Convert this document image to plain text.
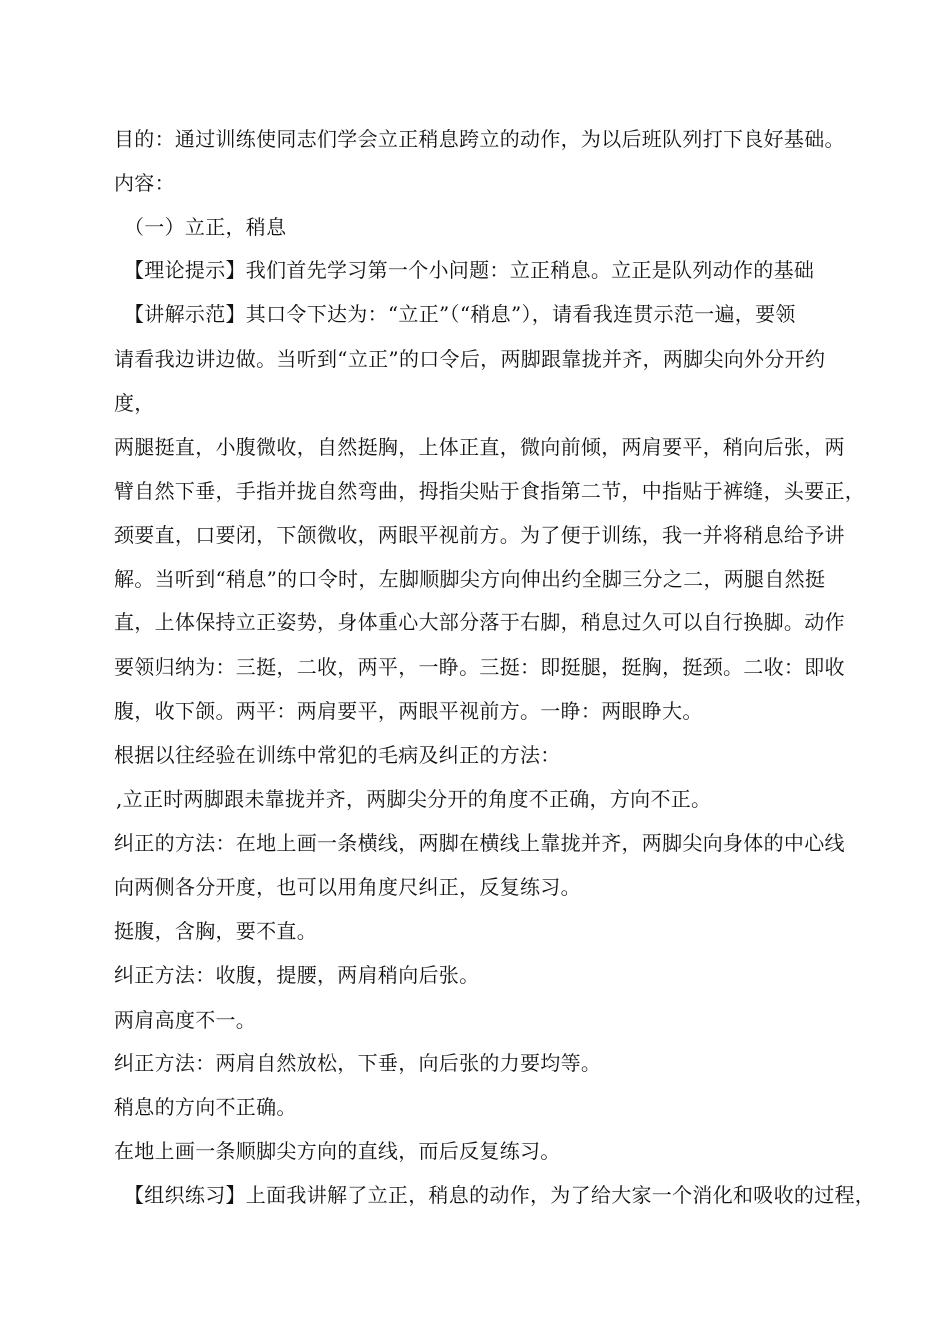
目的：通过训练使同志们学会立正稍息跨立的动作，为以后班队列打下良好基础。
内容：
（一）立正，稍息
【理论提示】我们首先学习第一个小问题：立正稍息。立正是队列动作的基础
【讲解示范】其口令下达为：“立正”（“稍息”），请看我连贯示范一遍，要领
请看我边讲边做。当听到“立正”的口令后，两脚跟靠拢并齐，两脚尖向外分开约
度，
两腿挺直，小腹微收，自然挺胸，上体正直，微向前倾，两肩要平，稍向后张，两
臂自然下垂，手指并拢自然弯曲，拇指尖贴于食指第二节，中指贴于裤缝，头要正，
颈要直，口要闭，下颌微收，两眼平视前方。为了便于训练，我一并将稍息给予讲
解。当听到“稍息”的口令时，左脚顺脚尖方向伸出约全脚三分之二，两腿自然挺
直，上体保持立正姿势，身体重心大部分落于右脚，稍息过久可以自行换脚。动作
要领归纳为：三挺，二收，两平，一睁。三挺：即挺腿，挺胸，挺颈。二收：即收
腹，收下颌。两平：两肩要平，两眼平视前方。一睁：两眼睁大。
根据以往经验在训练中常犯的毛病及纠正的方法：
,立正时两脚跟未靠拢并齐，两脚尖分开的角度不正确，方向不正。
纠正的方法：在地上画一条横线，两脚在横线上靠拢并齐，两脚尖向身体的中心线
向两侧各分开度，也可以用角度尺纠正，反复练习。
挺腹，含胸，要不直。
纠正方法：收腹，提腰，两肩稍向后张。
两肩高度不一。
纠正方法：两肩自然放松，下垂，向后张的力要均等。
稍息的方向不正确。
在地上画一条顺脚尖方向的直线，而后反复练习。
【组织练习】上面我讲解了立正，稍息的动作，为了给大家一个消化和吸收的过程，
